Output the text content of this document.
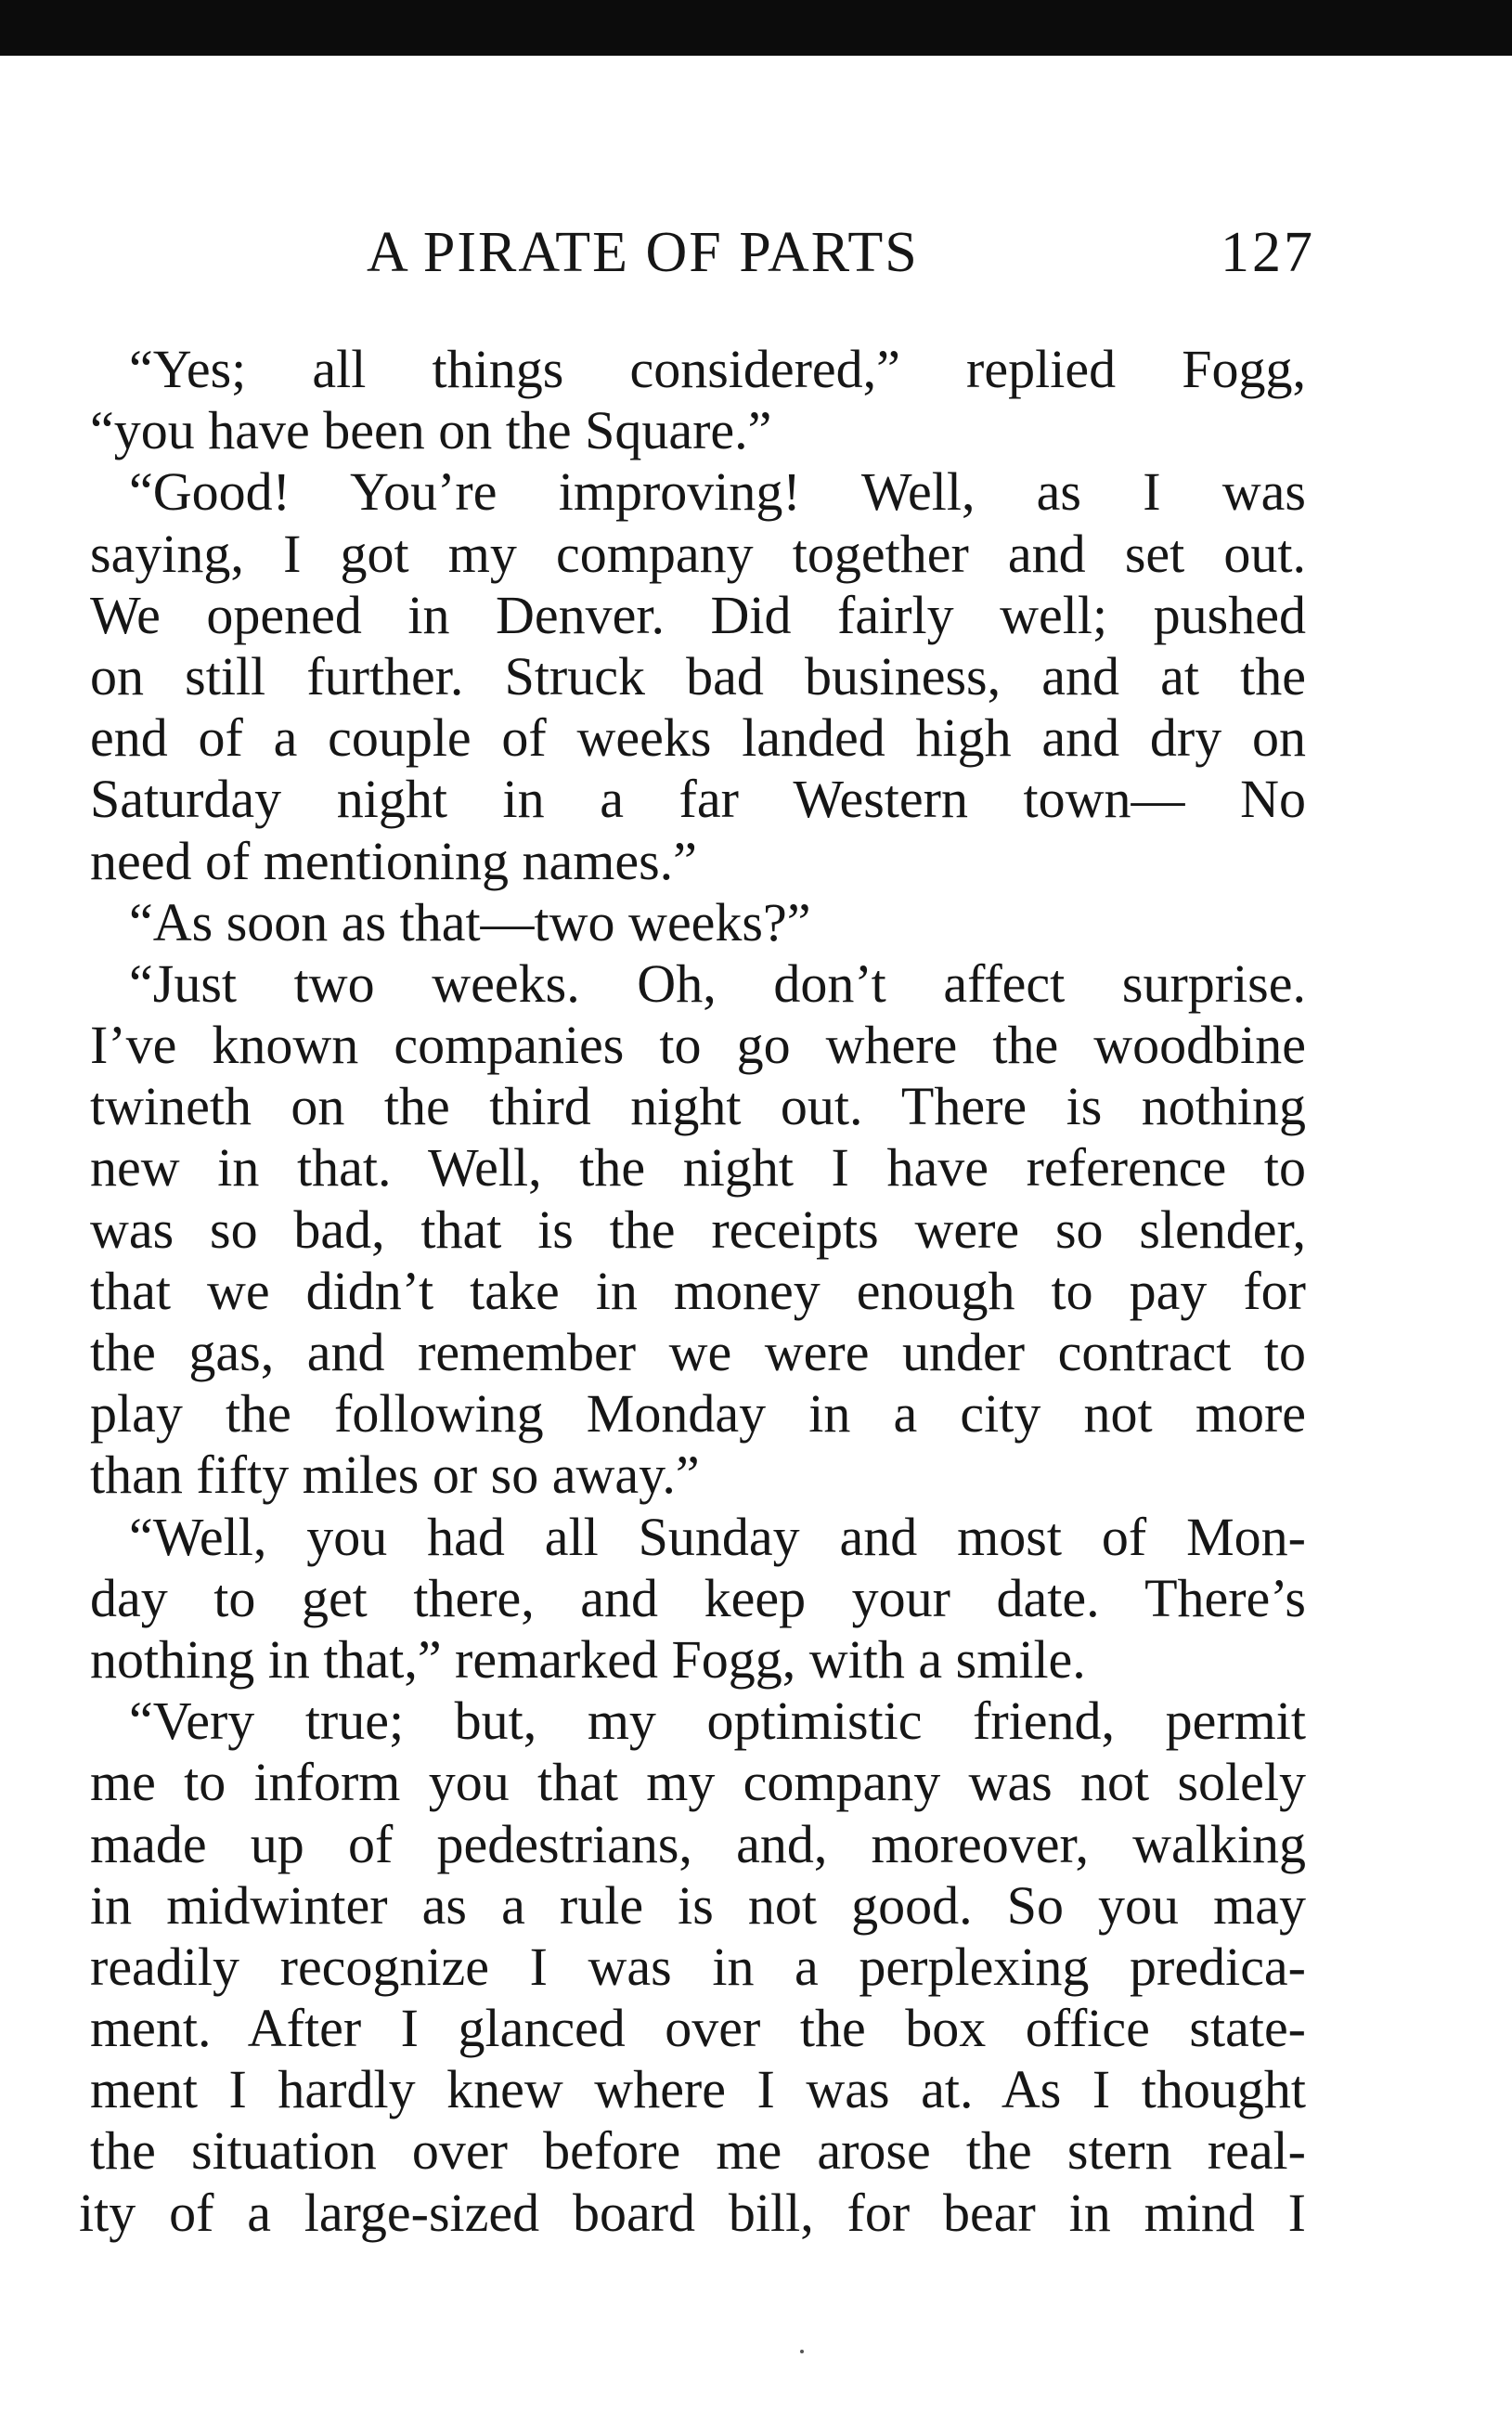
A PIRATE OF PARTS	127
“Yes; all things considered,” replied Fogg,
“you have been on the Square.”
“Good! You’re improving! Well, as I was
saying, I got my company together and set out.
We opened in Denver. Did fairly well; pushed
on still further. Struck bad business, and at the
end of a couple of weeks landed high and dry on
Saturday night in a far Western town— No
need of mentioning names.”
“As soon as that—two weeks?”
“Just two weeks. Oh, don’t affect surprise.
I’ve known companies to go where the woodbine
twineth on the third night out. There is nothing
new in that. Well, the night I have reference to
was so bad, that is the receipts were so slender,
that we didn’t take in money enough to pay for
the gas, and remember we were under contract to
play the following Monday in a city not more
than fifty miles or so away.”
“Well, you had all Sunday and most of Mon-
day to get there, and keep your date. There’s
nothing in that,” remarked Fogg, with a smile.
“Very true; but, my optimistic friend, permit
me to inform you that my company was not solely
made up of pedestrians, and, moreover, walking
in midwinter as a rule is not good. So you may
readily recognize I was in a perplexing predica-
ment. After I glanced over the box office state-
ment I hardly knew where I was at. As I thought
the situation over before me arose the stern real-
ity of a large-sized board bill, for bear in mind I
